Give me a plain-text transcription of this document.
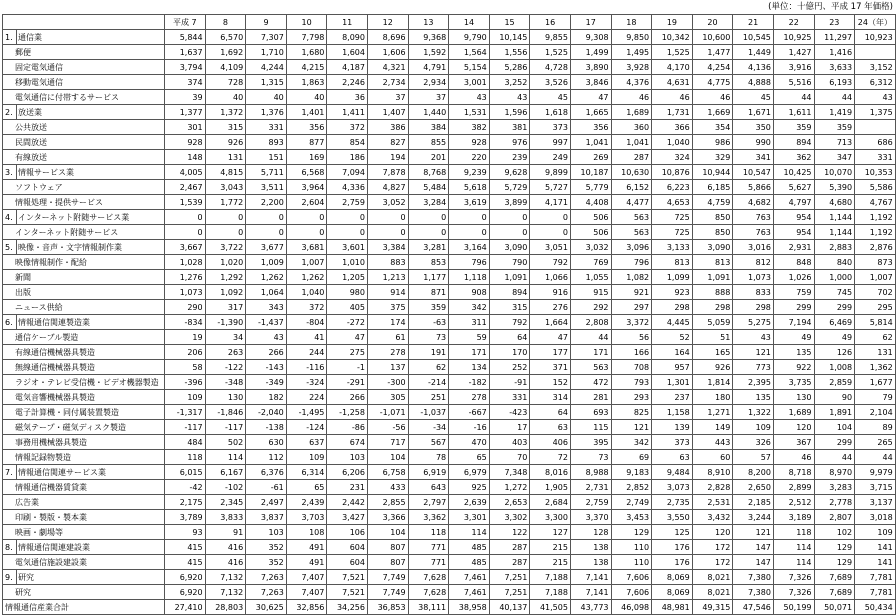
(単位：十億円、平成 17 年価格)
		平成 7	8	9	10	11	12	13	14	15	16	17	18	19	20	21	22	23	24（年）
1.	通信業	5,844	6,570	7,307	7,798	8,090	8,696	9,368	9,790	10,145	9,855	9,308	9,850	10,342	10,600	10,545	10,925	11,297	10,923
郵便		1,637	1,692	1,710	1,680	1,604	1,606	1,592	1,564	1,556	1,525	1,499	1,495	1,525	1,477	1,449	1,427	1,416	
固定電気通信		3,794	4,109	4,244	4,215	4,187	4,321	4,791	5,154	5,286	4,728	3,890	3,928	4,170	4,254	4,136	3,916	3,633	3,152
移動電気通信		374	728	1,315	1,863	2,246	2,734	2,934	3,001	3,252	3,526	3,846	4,376	4,631	4,775	4,888	5,516	6,193	6,312
電気通信に付帯するサービス		39	40	40	40	36	37	37	43	43	45	47	46	46	46	45	44	44	43
2.	放送業	1,377	1,372	1,376	1,401	1,411	1,407	1,440	1,531	1,596	1,618	1,665	1,689	1,731	1,669	1,671	1,611	1,419	1,375
公共放送		301	315	331	356	372	386	384	382	381	373	356	360	366	354	350	359	359	
民間放送		928	926	893	877	854	827	855	928	976	997	1,041	1,041	1,040	986	990	894	713	686
有線放送		148	131	151	169	186	194	201	220	239	249	269	287	324	329	341	362	347	331
3.	情報サービス業	4,005	4,815	5,711	6,568	7,094	7,878	8,768	9,239	9,628	9,899	10,187	10,630	10,876	10,944	10,547	10,425	10,070	10,353
ソフトウェア		2,467	3,043	3,511	3,964	4,336	4,827	5,484	5,618	5,729	5,727	5,779	6,152	6,223	6,185	5,866	5,627	5,390	5,586
情報処理・提供サービス		1,539	1,772	2,200	2,604	2,759	3,052	3,284	3,619	3,899	4,171	4,408	4,477	4,653	4,759	4,682	4,797	4,680	4,767
4.	インターネット附随サービス業	0	0	0	0	0	0	0	0	0	0	506	563	725	850	763	954	1,144	1,192
インターネット附随サービス		0	0	0	0	0	0	0	0	0	0	506	563	725	850	763	954	1,144	1,192
5.	映像・音声・文字情報制作業	3,667	3,722	3,677	3,681	3,601	3,384	3,281	3,164	3,090	3,051	3,032	3,096	3,133	3,090	3,016	2,931	2,883	2,876
映像情報制作・配給		1,028	1,020	1,009	1,007	1,010	883	853	796	790	792	769	796	813	813	812	848	840	873
新聞		1,276	1,292	1,262	1,262	1,205	1,213	1,177	1,118	1,091	1,066	1,055	1,082	1,099	1,091	1,073	1,026	1,000	1,007
出版		1,073	1,092	1,064	1,040	980	914	871	908	894	916	915	921	923	888	833	759	745	702
ニュース供給		290	317	343	372	405	375	359	342	315	276	292	297	298	298	298	299	299	295
6.	情報通信関連製造業	-834	-1,390	-1,437	-804	-272	174	-63	311	792	1,664	2,808	3,372	4,445	5,059	5,275	7,194	6,469	5,814
通信ケーブル製造		19	34	43	41	47	61	73	59	64	47	44	56	52	51	43	49	49	62
有線通信機械器具製造		206	263	266	244	275	278	191	171	170	177	171	166	164	165	121	135	126	131
無線通信機械器具製造		58	-122	-143	-116	-1	137	62	134	252	371	563	708	957	926	773	922	1,008	1,362
ラジオ・テレビ受信機・ビデオ機器製造		-396	-348	-349	-324	-291	-300	-214	-182	-91	152	472	793	1,301	1,814	2,395	3,735	2,859	1,677
電気音響機械器具製造		109	130	182	224	266	305	251	278	331	314	281	293	237	180	135	130	90	79
電子計算機・同付属装置製造		-1,317	-1,846	-2,040	-1,495	-1,258	-1,071	-1,037	-667	-423	64	693	825	1,158	1,271	1,322	1,689	1,891	2,104
磁気テープ・磁気ディスク製造		-117	-117	-138	-124	-86	-56	-34	-16	17	63	115	121	139	149	109	120	104	89
事務用機械器具製造		484	502	630	637	674	717	567	470	403	406	395	342	373	443	326	367	299	265
情報記録物製造		118	114	112	109	103	104	78	65	70	72	73	69	63	60	57	46	44	44
7.	情報通信関連サービス業	6,015	6,167	6,376	6,314	6,206	6,758	6,919	6,979	7,348	8,016	8,988	9,183	9,484	8,910	8,200	8,718	8,970	9,979
情報通信機器賃貸業		-42	-102	-61	65	231	433	643	925	1,272	1,905	2,731	2,852	3,073	2,828	2,650	2,899	3,283	3,715
広告業		2,175	2,345	2,497	2,439	2,442	2,855	2,797	2,639	2,653	2,684	2,759	2,749	2,735	2,531	2,185	2,512	2,778	3,137
印刷・製版・製本業		3,789	3,833	3,837	3,703	3,427	3,366	3,362	3,301	3,302	3,300	3,370	3,453	3,550	3,432	3,244	3,189	2,807	3,018
映画・劇場等		93	91	103	108	106	104	118	114	122	127	128	129	125	120	121	118	102	109
8.	情報通信関連建設業	415	416	352	491	604	807	771	485	287	215	138	110	176	172	147	114	129	141
電気通信施設建設業		415	416	352	491	604	807	771	485	287	215	138	110	176	172	147	114	129	141
9.	研究	6,920	7,132	7,263	7,407	7,521	7,749	7,628	7,461	7,251	7,188	7,141	7,606	8,069	8,021	7,380	7,326	7,689	7,781
研究		6,920	7,132	7,263	7,407	7,521	7,749	7,628	7,461	7,251	7,188	7,141	7,606	8,069	8,021	7,380	7,326	7,689	7,781
情報通信産業合計		27,410	28,803	30,625	32,856	34,256	36,853	38,111	38,958	40,137	41,505	43,773	46,098	48,981	49,315	47,546	50,199	50,071	50,434
